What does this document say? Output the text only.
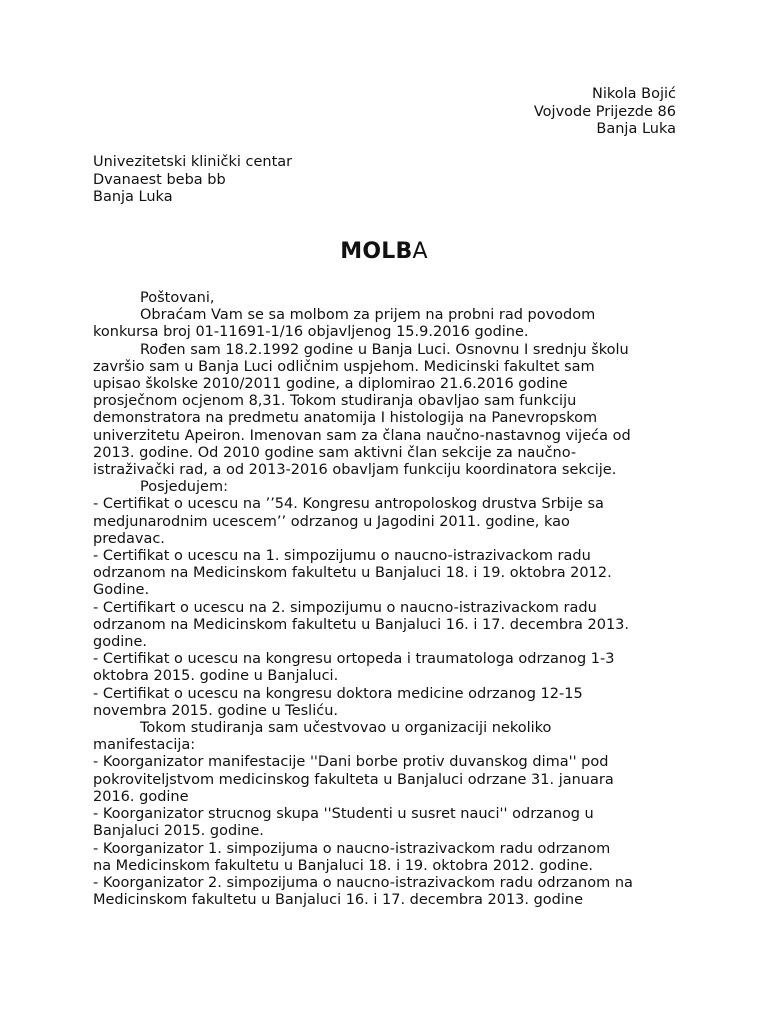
Nikola Bojić
Vojvode Prijezde 86
Banja Luka
Univezitetski klinički centar
Dvanaest beba bb
Banja Luka
MOLBA
Poštovani,
Obraćam Vam se sa molbom za prijem na probni rad povodom
konkursa broj 01-11691-1/16 objavljenog 15.9.2016 godine.
Rođen sam 18.2.1992 godine u Banja Luci. Osnovnu I srednju školu
završio sam u Banja Luci odličnim uspjehom. Medicinski fakultet sam
upisao školske 2010/2011 godine, a diplomirao 21.6.2016 godine
prosječnom ocjenom 8,31. Tokom studiranja obavljao sam funkciju
demonstratora na predmetu anatomija I histologija na Panevropskom
univerzitetu Apeiron. Imenovan sam za člana naučno-nastavnog vijeća od
2013. godine. Od 2010 godine sam aktivni član sekcije za naučno-
istraživački rad, a od 2013-2016 obavljam funkciju koordinatora sekcije.
Posjedujem:
- Certifikat o ucescu na ’’54. Kongresu antropoloskog drustva Srbije sa
medjunarodnim ucescem’’ odrzanog u Jagodini 2011. godine, kao
predavac.
- Certifikat o ucescu na 1. simpozijumu o naucno-istrazivackom radu
odrzanom na Medicinskom fakultetu u Banjaluci 18. i 19. oktobra 2012.
Godine.
- Certifikart o ucescu na 2. simpozijumu o naucno-istrazivackom radu
odrzanom na Medicinskom fakultetu u Banjaluci 16. i 17. decembra 2013.
godine.
- Certifikat o ucescu na kongresu ortopeda i traumatologa odrzanog 1-3
oktobra 2015. godine u Banjaluci.
- Certifikat o ucescu na kongresu doktora medicine odrzanog 12-15
novembra 2015. godine u Tesliću.
Tokom studiranja sam učestvovao u organizaciji nekoliko
manifestacija:
- Koorganizator manifestacije ''Dani borbe protiv duvanskog dima'' pod
pokroviteljstvom medicinskog fakulteta u Banjaluci odrzane 31. januara
2016. godine
- Koorganizator strucnog skupa ''Studenti u susret nauci'' odrzanog u
Banjaluci 2015. godine.
- Koorganizator 1. simpozijuma o naucno-istrazivackom radu odrzanom
na Medicinskom fakultetu u Banjaluci 18. i 19. oktobra 2012. godine.
- Koorganizator 2. simpozijuma o naucno-istrazivackom radu odrzanom na
Medicinskom fakultetu u Banjaluci 16. i 17. decembra 2013. godine
